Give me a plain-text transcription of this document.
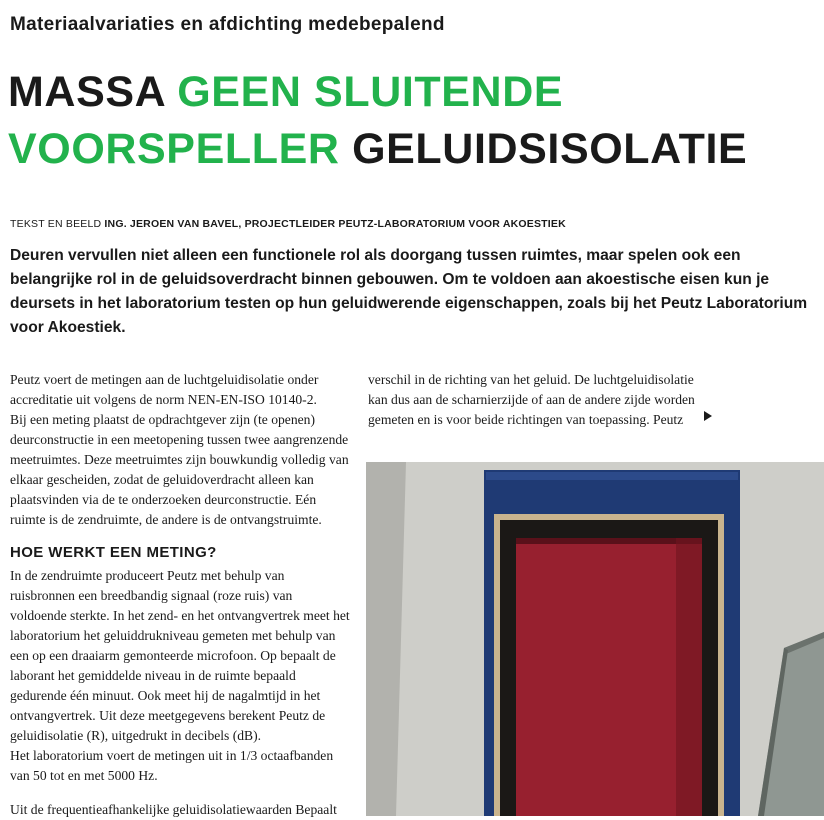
Materiaalvariaties en afdichting medebepalend
MASSA GEEN SLUITENDE
VOORSPELLER GELUIDSISOLATIE
TEKST EN BEELD ING. JEROEN VAN BAVEL, PROJECTLEIDER PEUTZ-LABORATORIUM VOOR AKOESTIEK

Deuren vervullen niet alleen een functionele rol als doorgang tussen ruimtes, maar spelen ook een belangrijke rol in de geluidsoverdracht binnen gebouwen. Om te voldoen aan akoestische eisen kun je deursets in het laboratorium testen op hun geluidwerende eigenschappen, zoals bij het Peutz Laboratorium voor Akoestiek.

Peutz voert de metingen aan de luchtgeluidisolatie onder accreditatie uit volgens de norm NEN-EN-ISO 10140-2.

Bij een meting plaatst de opdrachtgever zijn (te openen) deurconstructie in een meetopening tussen twee aangrenzende meetruimtes. Deze meetruimtes zijn bouwkundig volledig van elkaar gescheiden, zodat de geluidoverdracht alleen kan plaatsvinden via de te onderzoeken deurconstructie. Eén ruimte is de zendruimte, de andere is de ontvangstruimte.

verschil in de richting van het geluid. De luchtgeluidisolatie kan dus aan de scharnierzijde of aan de andere zijde worden gemeten en is voor beide richtingen van toepassing. Peutz

HOE WERKT EEN METING?

In de zendruimte produceert Peutz met behulp van ruisbronnen een breedbandig signaal (roze ruis) van voldoende sterkte. In het zend- en het ontvangvertrek meet het laboratorium het geluiddrukniveau gemeten met behulp van een op een draaiarm gemonteerde microfoon. Op bepaalt de laborant het gemiddelde niveau in de ruimte bepaald gedurende één minuut. Ook meet hij de nagalmtijd in het ontvangvertrek. Uit deze meetgegevens berekent Peutz de geluidisolatie (R), uitgedrukt in decibels (dB).

Het laboratorium voert de metingen uit in 1/3 octaafbanden van 50 tot en met 5000 Hz.

Uit de frequentieafhankelijke geluidisolatiewaarden Bepaalt
